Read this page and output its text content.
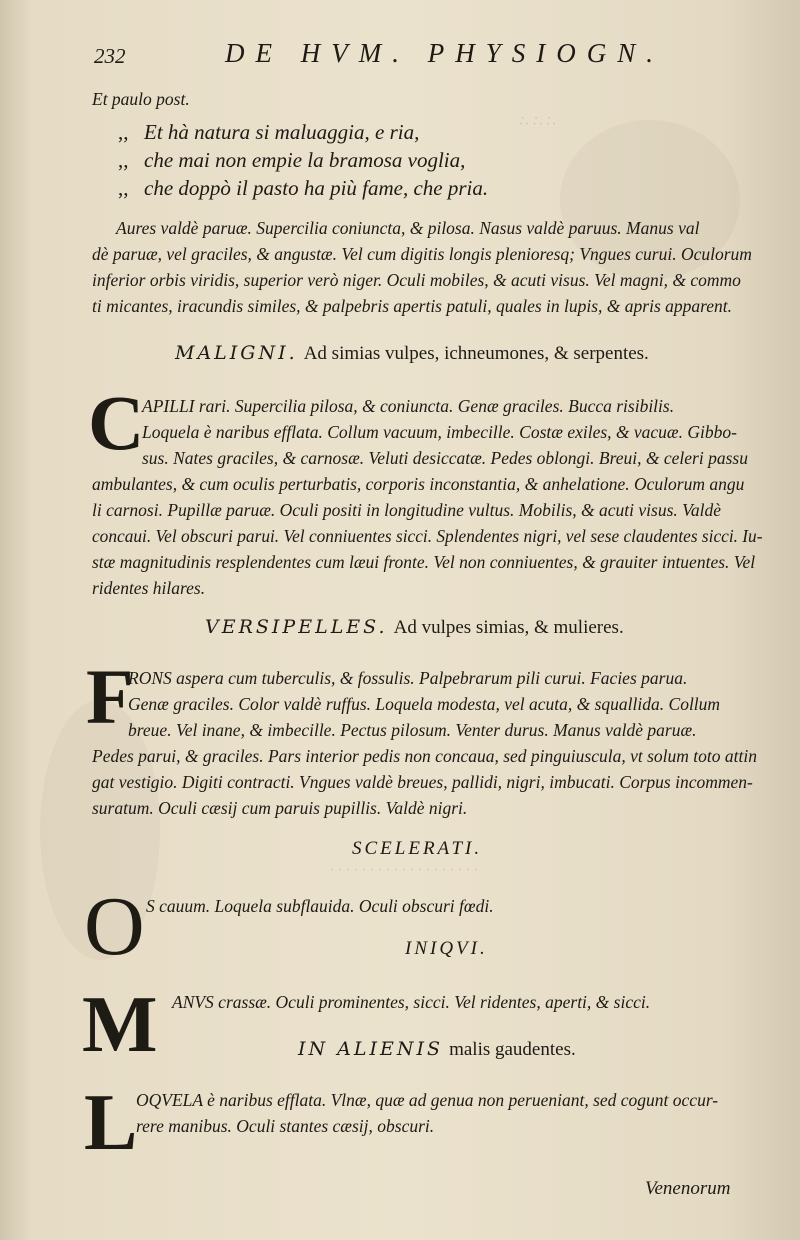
∴ ∴ ∴
232	DE HVM. PHYSIOGN.
Et paulo post.
,, Et hà natura si maluaggia, e ria,
,, che mai non empie la bramosa voglia,
,, che doppò il pasto ha più fame, che pria.
Aures valdè paruæ. Supercilia coniuncta, & pilosa. Nasus valdè paruus. Manus val
dè paruæ, vel graciles, & angustæ. Vel cum digitis longis plenioresq; Vngues curui. Oculorum
inferior orbis viridis, superior verò niger. Oculi mobiles, & acuti visus. Vel magni, & commo
ti micantes, iracundis similes, & palpebris apertis patuli, quales in lupis, & apris apparent.
MALIGNI. Ad simias vulpes, ichneumones, & serpentes.
C
APILLI rari. Supercilia pilosa, & coniuncta. Genæ graciles. Bucca risibilis.
Loquela è naribus efflata. Collum vacuum, imbecille. Costæ exiles, & vacuæ. Gibbo-
sus. Nates graciles, & carnosæ. Veluti desiccatæ. Pedes oblongi. Breui, & celeri passu
ambulantes, & cum oculis perturbatis, corporis inconstantia, & anhelatione. Oculorum angu
li carnosi. Pupillæ paruæ. Oculi positi in longitudine vultus. Mobilis, & acuti visus. Valdè
concaui. Vel obscuri parui. Vel conniuentes sicci. Splendentes nigri, vel sese claudentes sicci. Iu-
stæ magnitudinis resplendentes cum læui fronte. Vel non conniuentes, & grauiter intuentes. Vel
ridentes hilares.
VERSIPELLES. Ad vulpes simias, & mulieres.
F
RONS aspera cum tuberculis, & fossulis. Palpebrarum pili curui. Facies parua.
Genæ graciles. Color valdè ruffus. Loquela modesta, vel acuta, & squallida. Collum
breue. Vel inane, & imbecille. Pectus pilosum. Venter durus. Manus valdè paruæ.
Pedes parui, & graciles. Pars interior pedis non concaua, sed pinguiuscula, vt solum toto attin
gat vestigio. Digiti contracti. Vngues valdè breues, pallidi, nigri, imbucati. Corpus incommen-
suratum. Oculi cæsij cum paruis pupillis. Valdè nigri.
· · · · · · · · · · · · · · · · · · ·
SCELERATI.
O S cauum. Loquela subflauida. Oculi obscuri fœdi.
INIQVI.
M ANVS crassæ. Oculi prominentes, sicci. Vel ridentes, aperti, & sicci.
IN ALIENIS malis gaudentes.
L
OQVELA è naribus efflata. Vlnæ, quæ ad genua non perueniant, sed cogunt occur-
rere manibus. Oculi stantes cæsij, obscuri.
Venenorum
